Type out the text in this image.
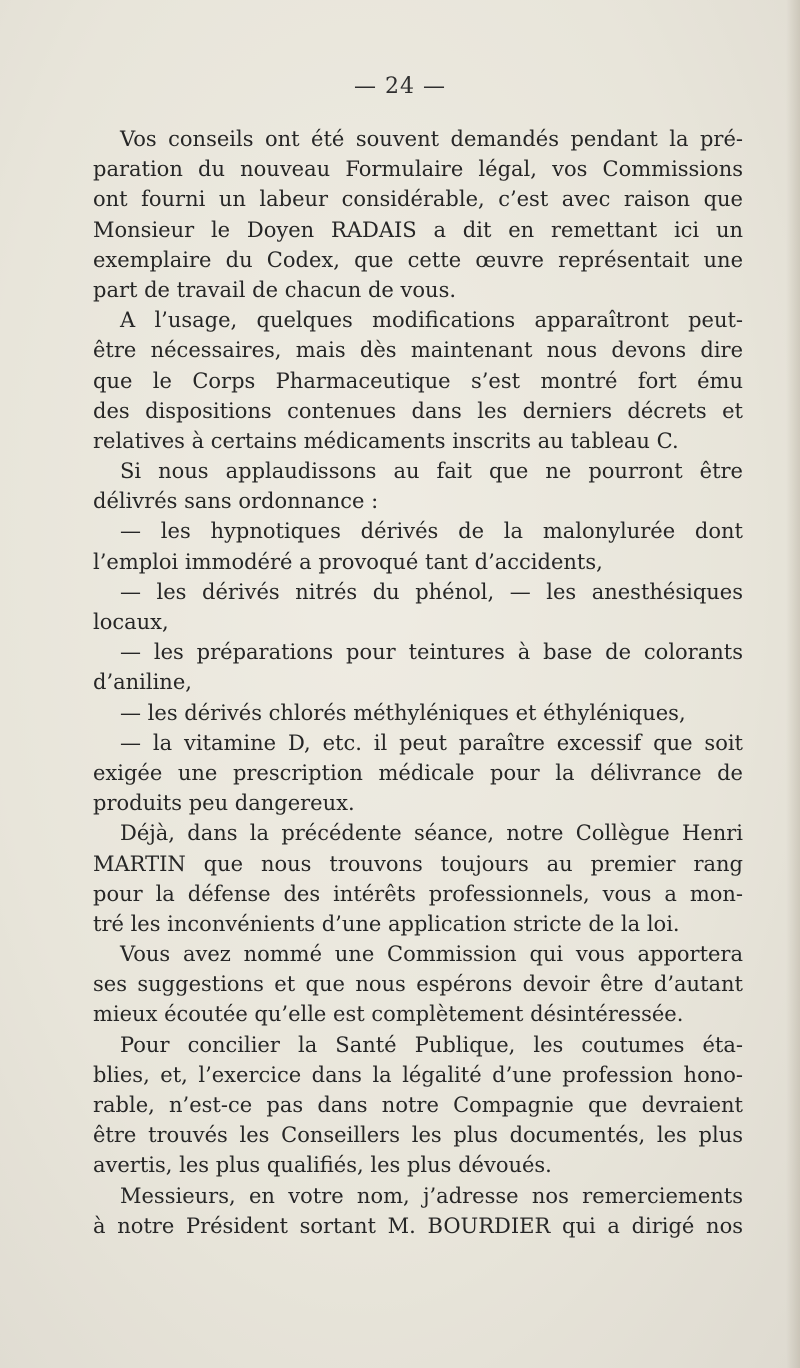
— 24 —
Vos conseils ont été souvent demandés pendant la pré-
paration du nouveau Formulaire légal, vos Commissions
ont fourni un labeur considérable, c’est avec raison que
Monsieur le Doyen RADAIS a dit en remettant ici un
exemplaire du Codex, que cette œuvre représentait une
part de travail de chacun de vous.
A l’usage, quelques modifications apparaîtront peut-
être nécessaires, mais dès maintenant nous devons dire
que le Corps Pharmaceutique s’est montré fort ému
des dispositions contenues dans les derniers décrets et
relatives à certains médicaments inscrits au tableau C.
Si nous applaudissons au fait que ne pourront être
délivrés sans ordonnance :
— les hypnotiques dérivés de la malonylurée dont
l’emploi immodéré a provoqué tant d’accidents,
— les dérivés nitrés du phénol, — les anesthésiques
locaux,
— les préparations pour teintures à base de colorants
d’aniline,
— les dérivés chlorés méthyléniques et éthyléniques,
— la vitamine D, etc. il peut paraître excessif que soit
exigée une prescription médicale pour la délivrance de
produits peu dangereux.
Déjà, dans la précédente séance, notre Collègue Henri
MARTIN que nous trouvons toujours au premier rang
pour la défense des intérêts professionnels, vous a mon-
tré les inconvénients d’une application stricte de la loi.
Vous avez nommé une Commission qui vous apportera
ses suggestions et que nous espérons devoir être d’autant
mieux écoutée qu’elle est complètement désintéressée.
Pour concilier la Santé Publique, les coutumes éta-
blies, et, l’exercice dans la légalité d’une profession hono-
rable, n’est-ce pas dans notre Compagnie que devraient
être trouvés les Conseillers les plus documentés, les plus
avertis, les plus qualifiés, les plus dévoués.
Messieurs, en votre nom, j’adresse nos remerciements
à notre Président sortant M. BOURDIER qui a dirigé nos
